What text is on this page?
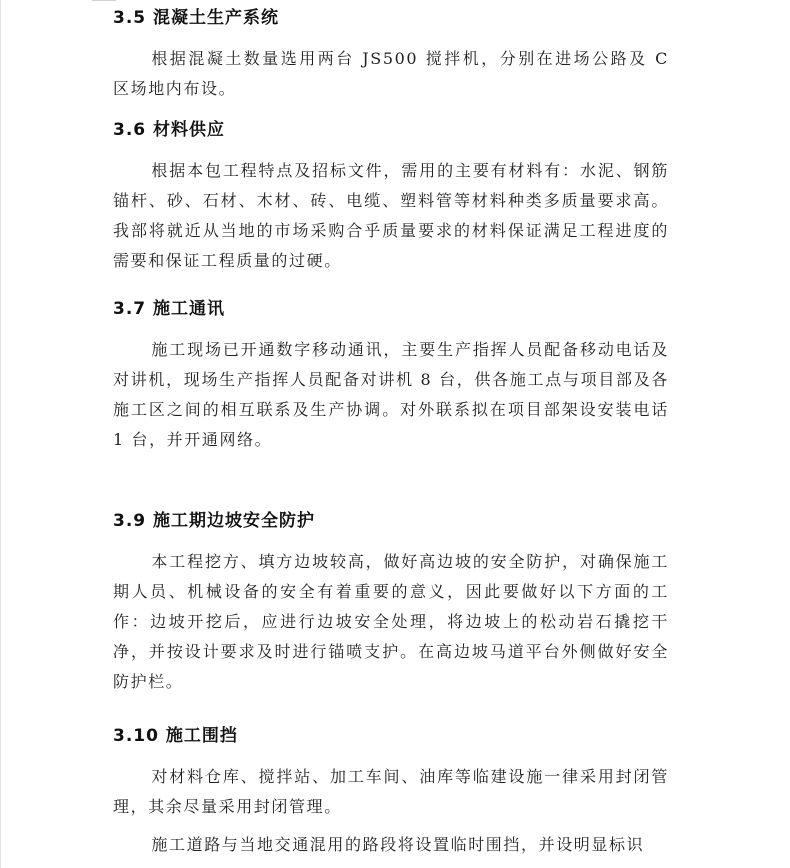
3.5 混凝土生产系统

根据混凝土数量选用两台 JS500 搅拌机，分别在进场公路及 C 区场地内布设。

3.6 材料供应

根据本包工程特点及招标文件，需用的主要有材料有：水泥、钢筋锚杆、砂、石材、木材、砖、电缆、塑料管等材料种类多质量要求高。我部将就近从当地的市场采购合乎质量要求的材料保证满足工程进度的需要和保证工程质量的过硬。

3.7 施工通讯

施工现场已开通数字移动通讯，主要生产指挥人员配备移动电话及对讲机，现场生产指挥人员配备对讲机 8 台，供各施工点与项目部及各施工区之间的相互联系及生产协调。对外联系拟在项目部架设安装电话 1 台，并开通网络。

3.9 施工期边坡安全防护

本工程挖方、填方边坡较高，做好高边坡的安全防护，对确保施工期人员、机械设备的安全有着重要的意义，因此要做好以下方面的工作：边坡开挖后，应进行边坡安全处理，将边坡上的松动岩石撬挖干净，并按设计要求及时进行锚喷支护。在高边坡马道平台外侧做好安全防护栏。

3.10 施工围挡

对材料仓库、搅拌站、加工车间、油库等临建设施一律采用封闭管理，其余尽量采用封闭管理。

施工道路与当地交通混用的路段将设置临时围挡，并设明显标识
